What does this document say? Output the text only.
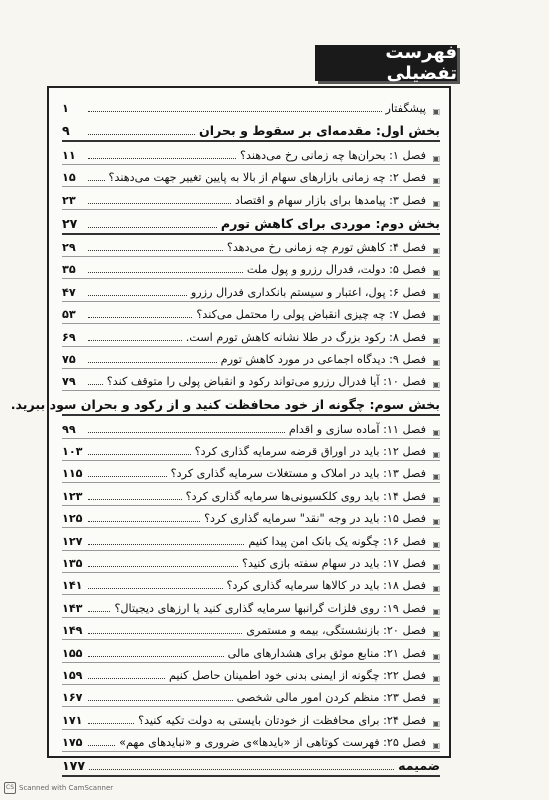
فهرست تفضیلی
▣
پیشگفتار
۱
بخش اول: مقدمه‌ای بر سقوط و بحران
۹
▣
فصل ۱: بحران‌ها چه زمانی رخ می‌دهند؟
۱۱
▣
فصل ۲: چه زمانی بازارهای سهام از بالا به پایین تغییر جهت می‌دهند؟
۱۵
▣
فصل ۳: پیامدها برای بازار سهام و اقتصاد
۲۳
بخش دوم: موردی برای کاهش تورم
۲۷
▣
فصل ۴: کاهش تورم چه زمانی رخ می‌دهد؟
۲۹
▣
فصل ۵: دولت، فدرال رزرو و پول ملت
۳۵
▣
فصل ۶: پول، اعتبار و سیستم بانکداری فدرال رزرو
۴۷
▣
فصل ۷: چه چیزی انقباض پولی را محتمل می‌کند؟
۵۳
▣
فصل ۸: رکود بزرگ در طلا نشانه کاهش تورم است.
۶۹
▣
فصل ۹: دیدگاه اجماعی در مورد کاهش تورم
۷۵
▣
فصل ۱۰: آیا فدرال رزرو می‌تواند رکود و انقباض پولی را متوقف کند؟
۷۹
بخش سوم: چگونه از خود محافظت کنید و از رکود و بحران سود ببرید.
▣
فصل ۱۱: آماده سازی و اقدام
۹۹
▣
فصل ۱۲: باید در اوراق قرضه سرمایه گذاری کرد؟
۱۰۳
▣
فصل ۱۳: باید در املاک و مستغلات سرمایه گذاری کرد؟
۱۱۵
▣
فصل ۱۴: باید روی کلکسیونی‌ها سرمایه گذاری کرد؟
۱۲۳
▣
فصل ۱۵: باید در وجه "نقد" سرمایه گذاری کرد؟
۱۲۵
▣
فصل ۱۶: چگونه یک بانک امن پیدا کنیم
۱۲۷
▣
فصل ۱۷: باید در سهام سفته بازی کنید؟
۱۳۵
▣
فصل ۱۸: باید در کالاها سرمایه گذاری کرد؟
۱۴۱
▣
فصل ۱۹: روی فلزات گرانبها سرمایه گذاری کنید یا ارزهای دیجیتال؟
۱۴۳
▣
فصل ۲۰: بازنشستگی، بیمه و مستمری
۱۴۹
▣
فصل ۲۱: منابع موثق برای هشدارهای مالی
۱۵۵
▣
فصل ۲۲: چگونه از ایمنی بدنی خود اطمینان حاصل کنیم
۱۵۹
▣
فصل ۲۳: منظم کردن امور مالی شخصی
۱۶۷
▣
فصل ۲۴: برای محافظت از خودتان بایستی به دولت تکیه کنید؟
۱۷۱
▣
فصل ۲۵: فهرست کوتاهی از «بایدها»ی ضروری و «نبایدهای مهم»
۱۷۵
ضمیمه
۱۷۷
CS Scanned with CamScanner
